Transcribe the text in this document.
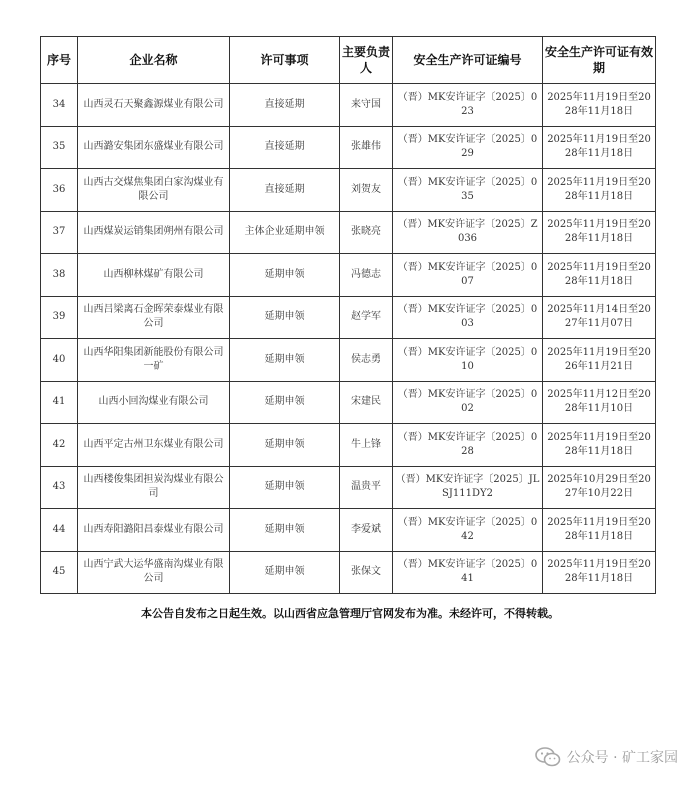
序号	企业名称	许可事项	主要负责人	安全生产许可证编号	安全生产许可证有效期
34	山西灵石天聚鑫源煤业有限公司	直接延期	来守国	（晋）MK安许证字〔2025〕023	2025年11月19日至2028年11月18日
35	山西潞安集团东盛煤业有限公司	直接延期	张雄伟	（晋）MK安许证字〔2025〕029	2025年11月19日至2028年11月18日
36	山西古交煤焦集团白家沟煤业有限公司	直接延期	刘贺友	（晋）MK安许证字〔2025〕035	2025年11月19日至2028年11月18日
37	山西煤炭运销集团朔州有限公司	主体企业延期申领	张晓亮	（晋）MK安许证字〔2025〕Z036	2025年11月19日至2028年11月18日
38	山西柳林煤矿有限公司	延期申领	冯德志	（晋）MK安许证字〔2025〕007	2025年11月19日至2028年11月18日
39	山西吕梁离石金晖荣泰煤业有限公司	延期申领	赵学军	（晋）MK安许证字〔2025〕003	2025年11月14日至2027年11月07日
40	山西华阳集团新能股份有限公司一矿	延期申领	侯志勇	（晋）MK安许证字〔2025〕010	2025年11月19日至2026年11月21日
41	山西小回沟煤业有限公司	延期申领	宋建民	（晋）MK安许证字〔2025〕002	2025年11月12日至2028年11月10日
42	山西平定古州卫东煤业有限公司	延期申领	牛上锋	（晋）MK安许证字〔2025〕028	2025年11月19日至2028年11月18日
43	山西楼俊集团担炭沟煤业有限公司	延期申领	温贵平	（晋）MK安许证字〔2025〕JLSJ111DY2	2025年10月29日至2027年10月22日
44	山西寿阳潞阳昌泰煤业有限公司	延期申领	李爱斌	（晋）MK安许证字〔2025〕042	2025年11月19日至2028年11月18日
45	山西宁武大运华盛南沟煤业有限公司	延期申领	张保文	（晋）MK安许证字〔2025〕041	2025年11月19日至2028年11月18日
本公告自发布之日起生效。以山西省应急管理厅官网发布为准。未经许可，不得转载。
公众号 · 矿工家园
